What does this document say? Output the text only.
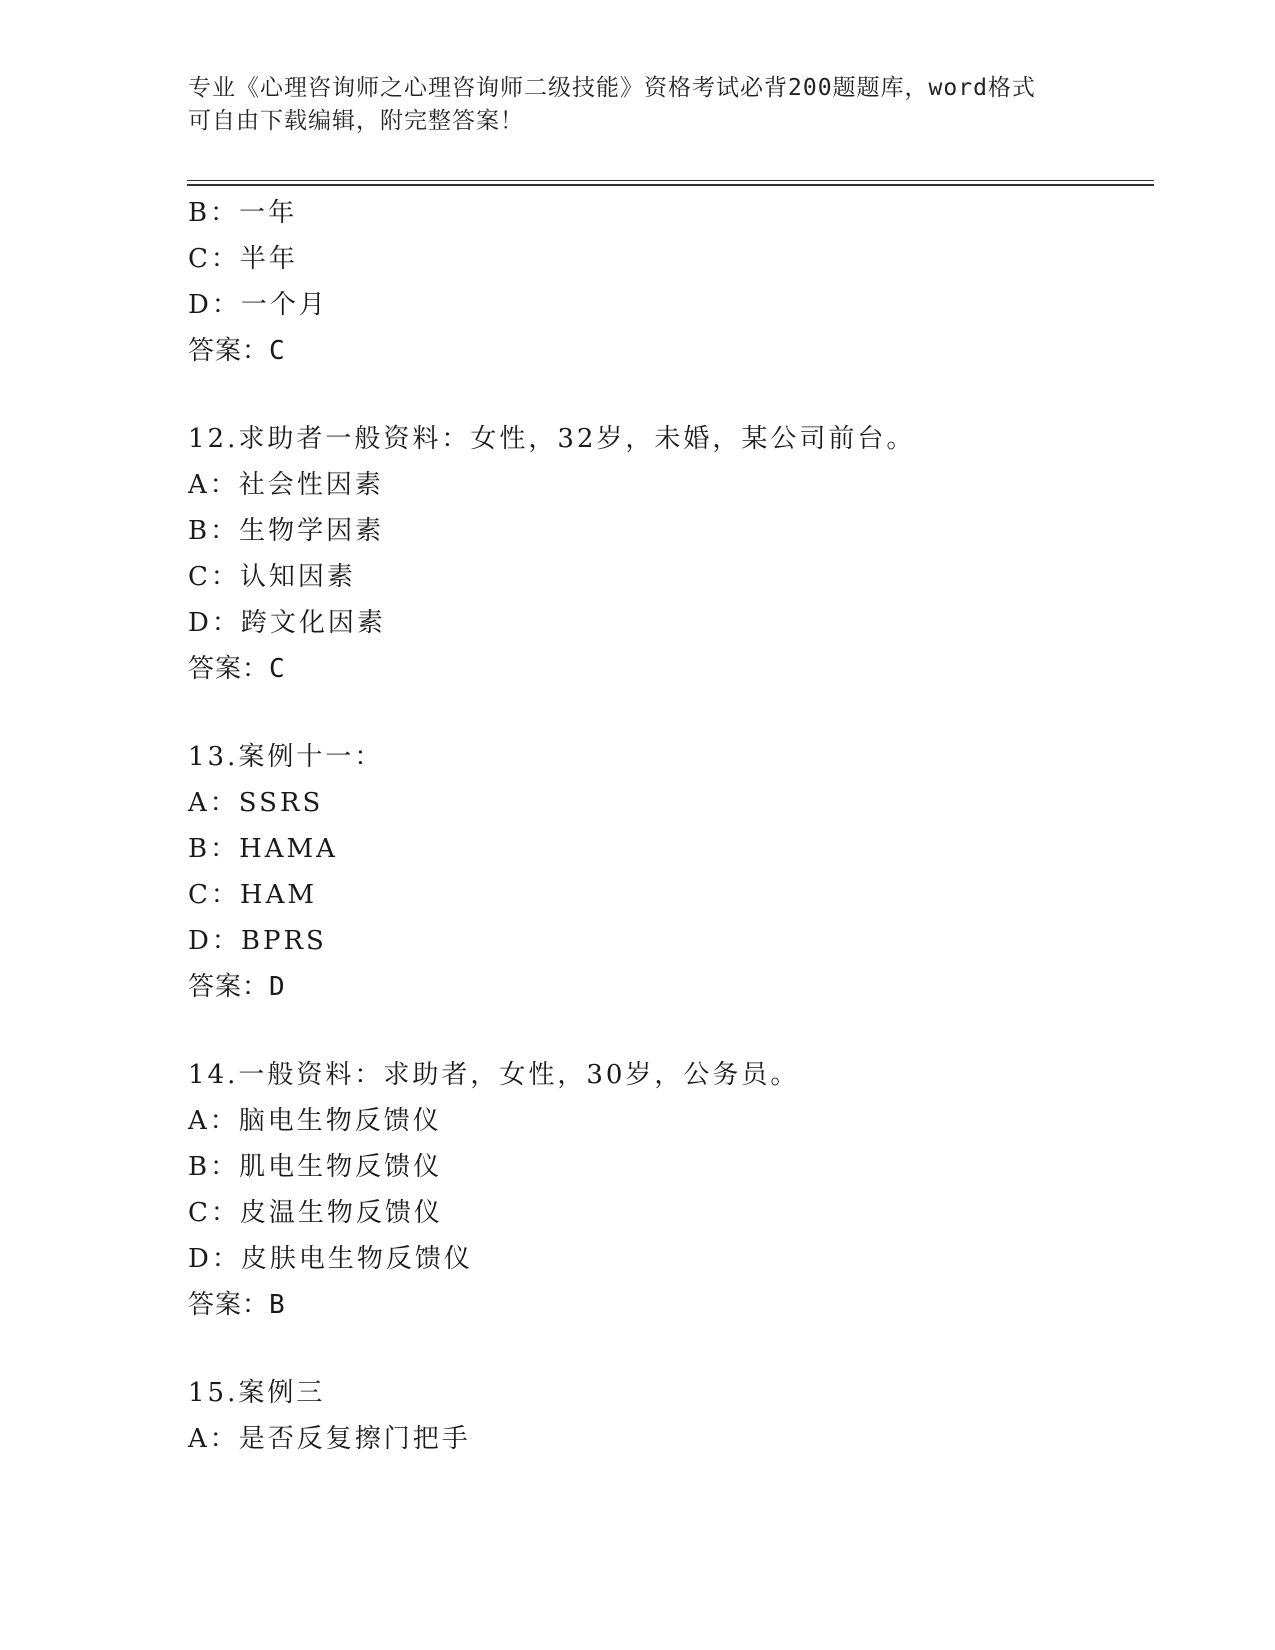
专业《心理咨询师之心理咨询师二级技能》资格考试必背200题题库，word格式
可自由下载编辑，附完整答案！
B：一年
C：半年
D：一个月
答案：C
12.求助者一般资料：女性，32岁，未婚，某公司前台。
A：社会性因素
B：生物学因素
C：认知因素
D：跨文化因素
答案：C
13.案例十一：
A：SSRS
B：HAMA
C：HAM
D：BPRS
答案：D
14.一般资料：求助者，女性，30岁，公务员。
A：脑电生物反馈仪
B：肌电生物反馈仪
C：皮温生物反馈仪
D：皮肤电生物反馈仪
答案：B
15.案例三
A：是否反复擦门把手
